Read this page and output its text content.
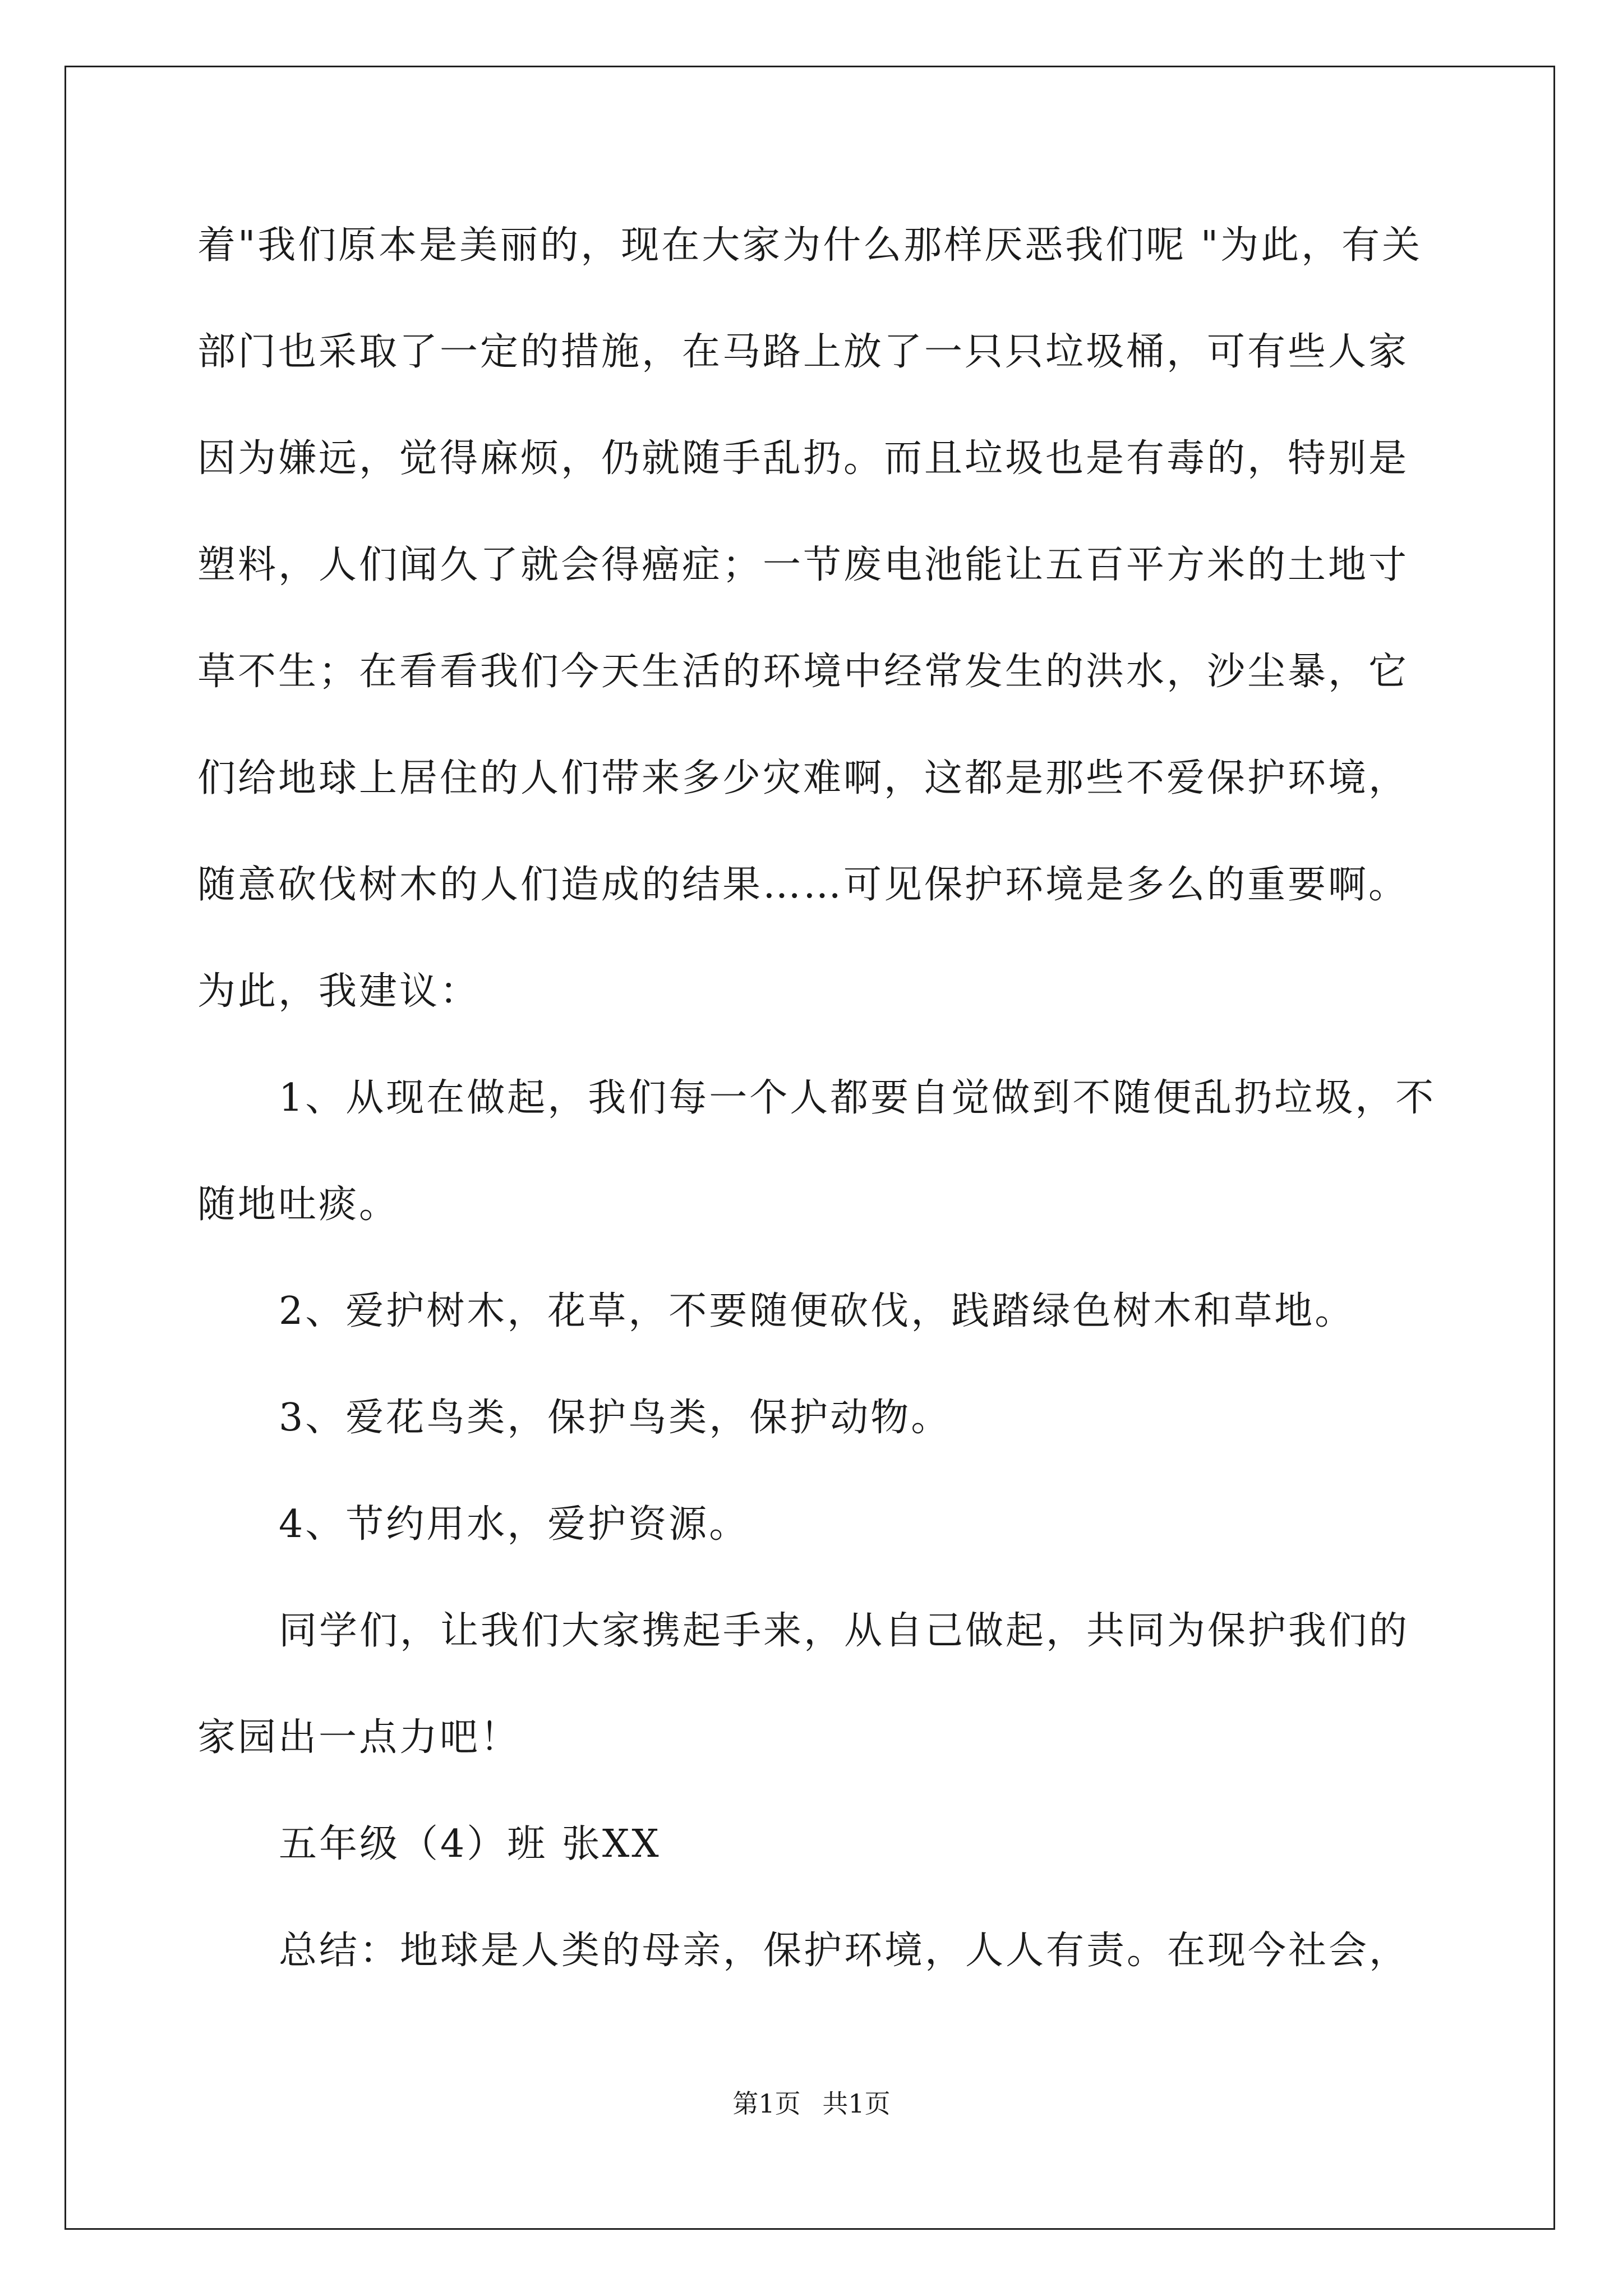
着"我们原本是美丽的，现在大家为什么那样厌恶我们呢 "为此，有关
部门也采取了一定的措施，在马路上放了一只只垃圾桶，可有些人家
因为嫌远，觉得麻烦，仍就随手乱扔。而且垃圾也是有毒的，特别是
塑料，人们闻久了就会得癌症；一节废电池能让五百平方米的土地寸
草不生；在看看我们今天生活的环境中经常发生的洪水，沙尘暴，它
们给地球上居住的人们带来多少灾难啊，这都是那些不爱保护环境，
随意砍伐树木的人们造成的结果……可见保护环境是多么的重要啊。
为此，我建议：
1、从现在做起，我们每一个人都要自觉做到不随便乱扔垃圾，不
随地吐痰。
2、爱护树木，花草，不要随便砍伐，践踏绿色树木和草地。
3、爱花鸟类，保护鸟类，保护动物。
4、节约用水，爱护资源。
同学们，让我们大家携起手来，从自己做起，共同为保护我们的
家园出一点力吧！
五年级（4）班 张XX
总结：地球是人类的母亲，保护环境，人人有责。在现今社会，
第1页 共1页
